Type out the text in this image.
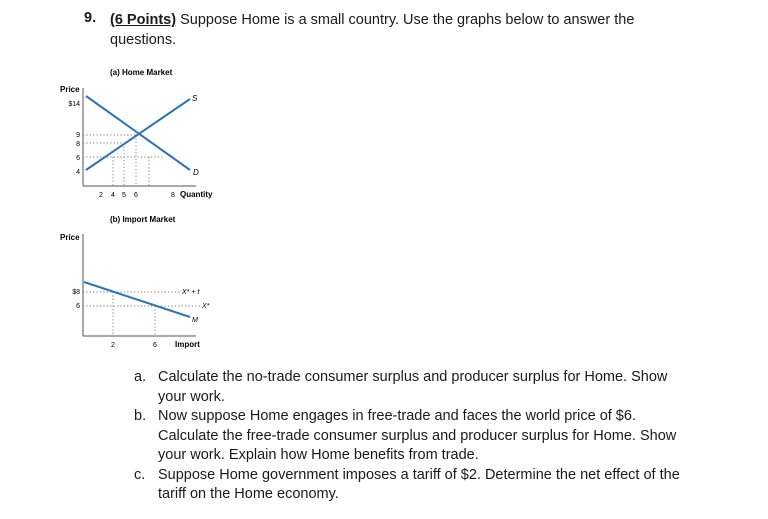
9. (6 Points) Suppose Home is a small country. Use the graphs below to answer the questions.
(a) Home Market
Price
S
D
$14
9
8
6
4
2 4 5 6	8 Quantity
(b) Import Market
Price
X* + t
X*
M
$8
6
2	6 Import
a. Calculate the no-trade consumer surplus and producer surplus for Home. Show your work.
b. Now suppose Home engages in free-trade and faces the world price of $6. Calculate the free-trade consumer surplus and producer surplus for Home. Show your work. Explain how Home benefits from trade.
c. Suppose Home government imposes a tariff of $2. Determine the net effect of the tariff on the Home economy.
